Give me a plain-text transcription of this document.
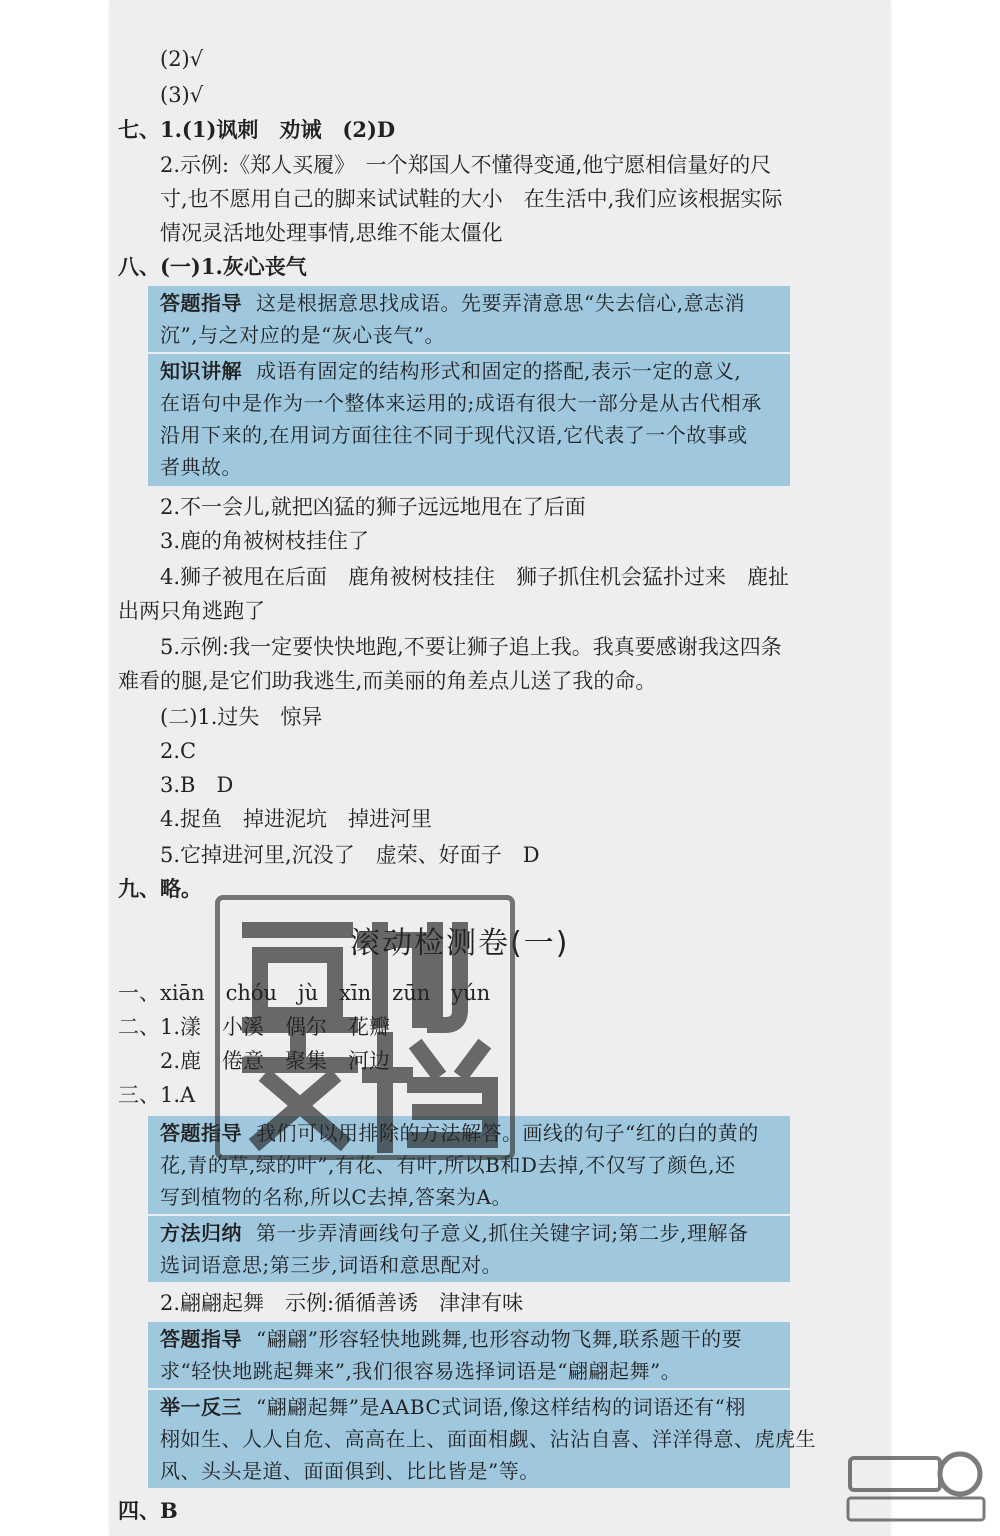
(2)√
(3)√
七、1.(1)讽刺　劝诫　(2)D
2.示例:《郑人买履》　一个郑国人不懂得变通,他宁愿相信量好的尺
寸,也不愿用自己的脚来试试鞋的大小　在生活中,我们应该根据实际
情况灵活地处理事情,思维不能太僵化
八、(一)1.灰心丧气
答题指导 这是根据意思找成语。先要弄清意思“失去信心,意志消
沉”,与之对应的是“灰心丧气”。
知识讲解 成语有固定的结构形式和固定的搭配,表示一定的意义,
在语句中是作为一个整体来运用的;成语有很大一部分是从古代相承
沿用下来的,在用词方面往往不同于现代汉语,它代表了一个故事或
者典故。
2.不一会儿,就把凶猛的狮子远远地甩在了后面
3.鹿的角被树枝挂住了
4.狮子被甩在后面　鹿角被树枝挂住　狮子抓住机会猛扑过来　鹿扯
出两只角逃跑了
5.示例:我一定要快快地跑,不要让狮子追上我。我真要感谢我这四条
难看的腿,是它们助我逃生,而美丽的角差点儿送了我的命。
(二)1.过失　惊异
2.C
3.B　D
4.捉鱼　掉进泥坑　掉进河里
5.它掉进河里,沉没了　虚荣、好面子　D
九、略。
滚动检测卷(一)
一、xiān　chóu　jù　xīn　zūn　yún
二、1.漾　小溪　偶尔　花瓣
2.鹿　倦意　聚集　河边
三、1.A
答题指导 我们可以用排除的方法解答。画线的句子“红的白的黄的
花,青的草,绿的叶”,有花、有叶,所以B和D去掉,不仅写了颜色,还
写到植物的名称,所以C去掉,答案为A。
方法归纳 第一步弄清画线句子意义,抓住关键字词;第二步,理解备
选词语意思;第三步,词语和意思配对。
2.翩翩起舞　示例:循循善诱　津津有味
答题指导 “翩翩”形容轻快地跳舞,也形容动物飞舞,联系题干的要
求“轻快地跳起舞来”,我们很容易选择词语是“翩翩起舞”。
举一反三 “翩翩起舞”是AABC式词语,像这样结构的词语还有“栩
栩如生、人人自危、高高在上、面面相觑、沾沾自喜、洋洋得意、虎虎生
风、头头是道、面面俱到、比比皆是”等。
四、B
